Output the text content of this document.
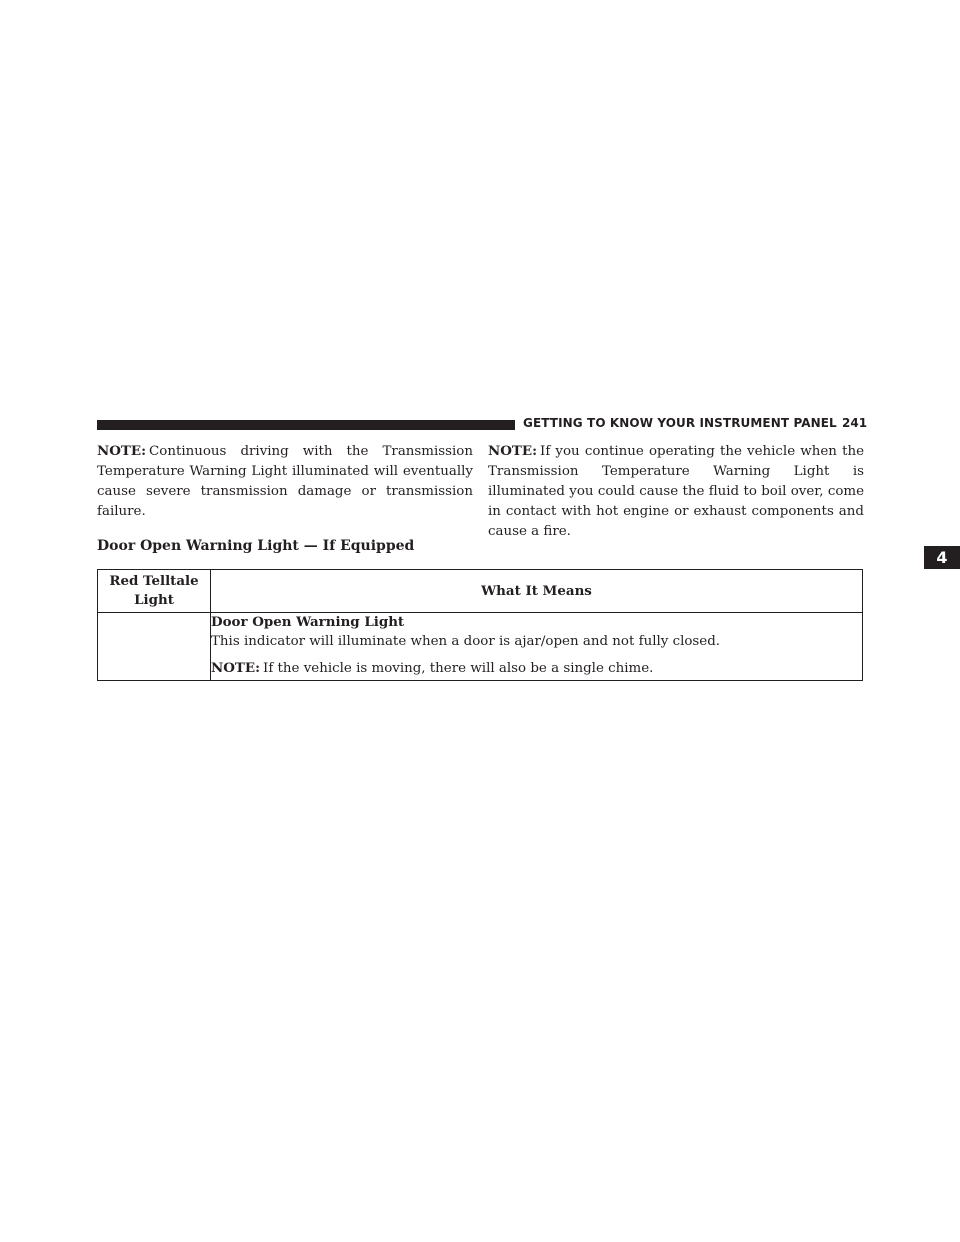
GETTING TO KNOW YOUR INSTRUMENT PANEL 241
NOTE: Continuous driving with the Transmission Temperature Warning Light illuminated will eventually cause severe transmission damage or transmission failure.
NOTE: If you continue operating the vehicle when the Transmission Temperature Warning Light is illuminated you could cause the fluid to boil over, come in contact with hot engine or exhaust components and cause a fire.
Door Open Warning Light — If Equipped
4
Red Telltale Light	What It Means

	Door Open Warning Light
This indicator will illuminate when a door is ajar/open and not fully closed.
NOTE: If the vehicle is moving, there will also be a single chime.
